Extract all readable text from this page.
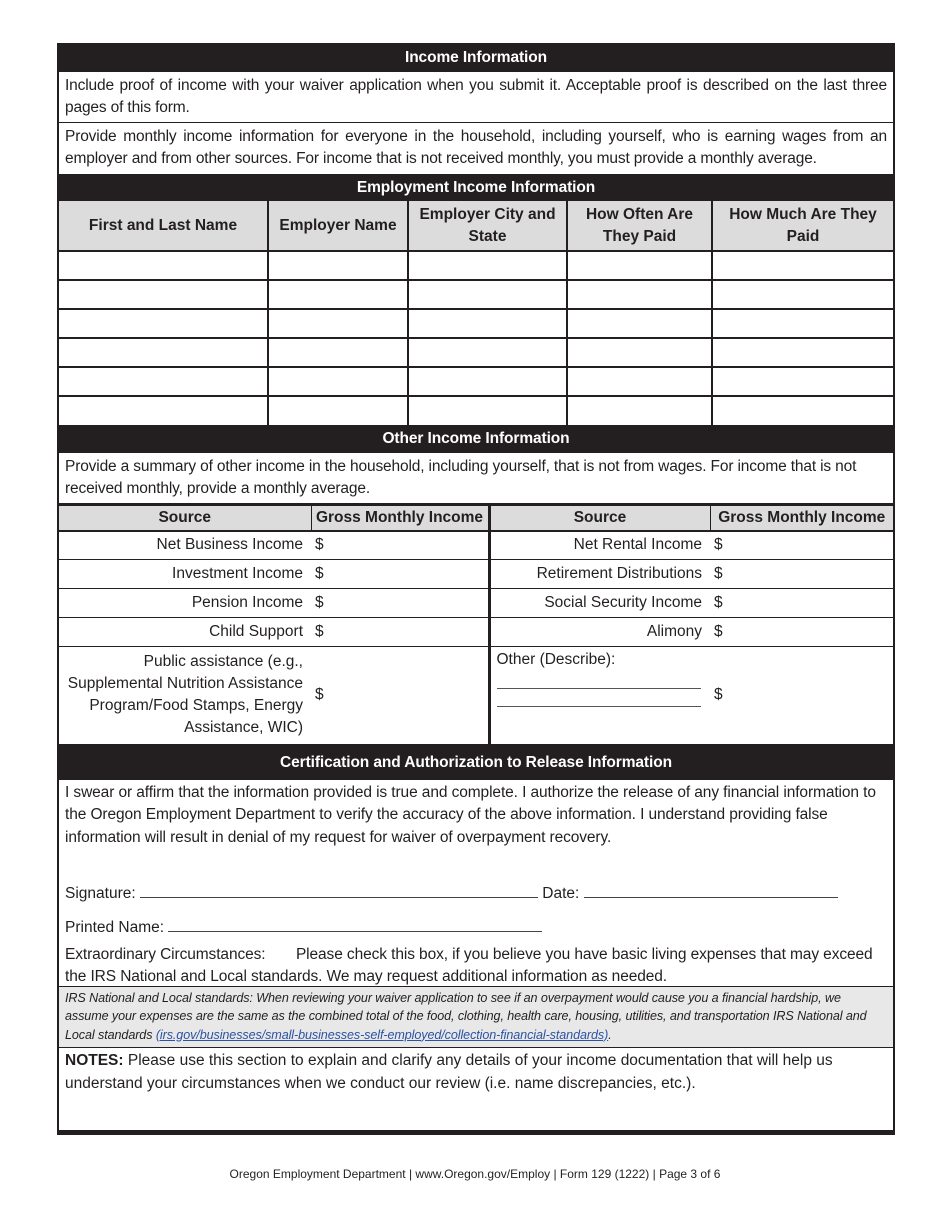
Income Information
Include proof of income with your waiver application when you submit it. Acceptable proof is described on the last three pages of this form.
Provide monthly income information for everyone in the household, including yourself, who is earning wages from an employer and from other sources. For income that is not received monthly, you must provide a monthly average.
Employment Income Information
First and Last Name	Employer Name	Employer City and State	How Often Are They Paid	How Much Are They Paid

Other Income Information
Provide a summary of other income in the household, including yourself, that is not from wages. For income that is not received monthly, provide a monthly average.
Source	Gross Monthly Income	Source	Gross Monthly Income
Net Business Income	$	Net Rental Income	$
Investment Income	$	Retirement Distributions	$
Pension Income	$	Social Security Income	$
Child Support	$	Alimony	$
Public assistance (e.g., Supplemental Nutrition Assistance Program/Food Stamps, Energy Assistance, WIC)	$	Other (Describe):	$
Certification and Authorization to Release Information
I swear or affirm that the information provided is true and complete. I authorize the release of any financial information to the Oregon Employment Department to verify the accuracy of the above information. I understand providing false information will result in denial of my request for waiver of overpayment recovery.
Signature:	Date:
Printed Name:
Extraordinary Circumstances: Please check this box, if you believe you have basic living expenses that may exceed the IRS National and Local standards. We may request additional information as needed.
IRS National and Local standards: When reviewing your waiver application to see if an overpayment would cause you a financial hardship, we assume your expenses are the same as the combined total of the food, clothing, health care, housing, utilities, and transportation IRS National and Local standards (irs.gov/businesses/small-businesses-self-employed/collection-financial-standards).
NOTES: Please use this section to explain and clarify any details of your income documentation that will help us understand your circumstances when we conduct our review (i.e. name discrepancies, etc.).
Oregon Employment Department | www.Oregon.gov/Employ | Form 129 (1222) | Page 3 of 6
